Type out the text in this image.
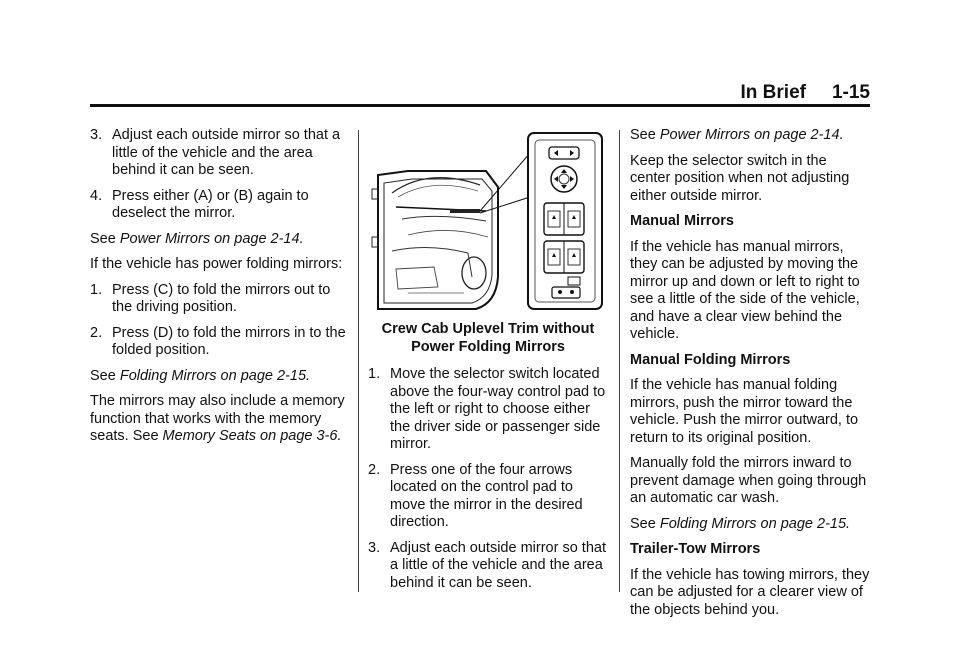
In Brief 1-15
3. Adjust each outside mirror so that a little of the vehicle and the area behind it can be seen.
4. Press either (A) or (B) again to deselect the mirror.

See Power Mirrors on page 2‑14.

If the vehicle has power folding mirrors:

1. Press (C) to fold the mirrors out to the driving position.
2. Press (D) to fold the mirrors in to the folded position.

See Folding Mirrors on page 2‑15.

The mirrors may also include a memory function that works with the memory seats. See Memory Seats on page 3‑6.

Crew Cab Uplevel Trim without
Power Folding Mirrors
1. Move the selector switch located above the four-way control pad to the left or right to choose either the driver side or passenger side mirror.
2. Press one of the four arrows located on the control pad to move the mirror in the desired direction.
3. Adjust each outside mirror so that a little of the vehicle and the area behind it can be seen.

See Power Mirrors on page 2‑14.

Keep the selector switch in the center position when not adjusting either outside mirror.

Manual Mirrors

If the vehicle has manual mirrors, they can be adjusted by moving the mirror up and down or left to right to see a little of the side of the vehicle, and have a clear view behind the vehicle.

Manual Folding Mirrors

If the vehicle has manual folding mirrors, push the mirror toward the vehicle. Push the mirror outward, to return to its original position.

Manually fold the mirrors inward to prevent damage when going through an automatic car wash.

See Folding Mirrors on page 2‑15.

Trailer-Tow Mirrors

If the vehicle has towing mirrors, they can be adjusted for a clearer view of the objects behind you.
